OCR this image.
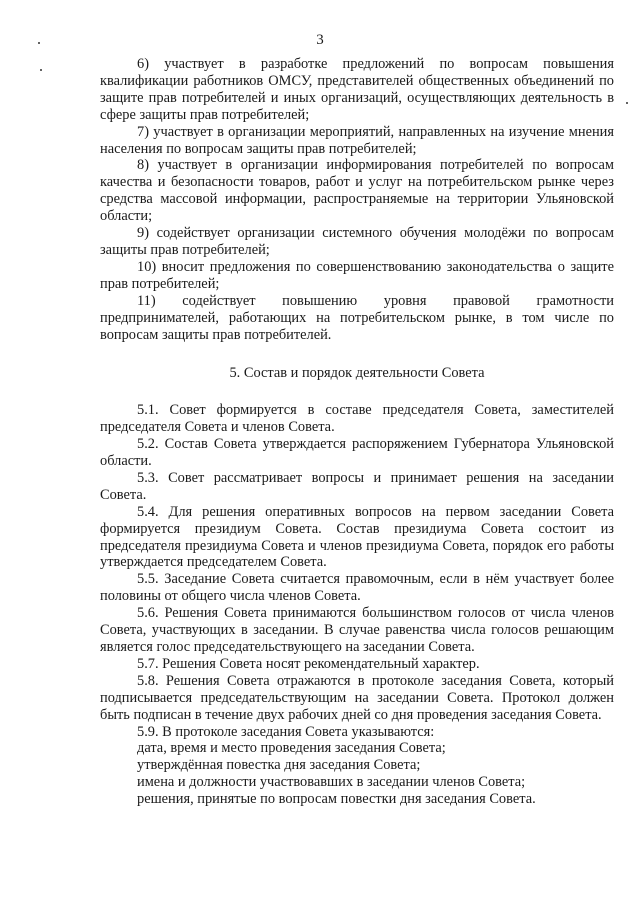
3

6) участвует в разработке предложений по вопросам повышения квалификации работников ОМСУ, представителей общественных объединений по защите прав потребителей и иных организаций, осуществляющих деятельность в сфере защиты прав потребителей;

7) участвует в организации мероприятий, направленных на изучение мнения населения по вопросам защиты прав потребителей;

8) участвует в организации информирования потребителей по вопросам качества и безопасности товаров, работ и услуг на потребительском рынке через средства массовой информации, распространяемые на территории Ульяновской области;

9) содействует организации системного обучения молодёжи по вопросам защиты прав потребителей;

10) вносит предложения по совершенствованию законодательства о защите прав потребителей;

11) содействует повышению уровня правовой грамотности предпринимателей, работающих на потребительском рынке, в том числе по вопросам защиты прав потребителей.

5. Состав и порядок деятельности Совета

5.1. Совет формируется в составе председателя Совета, заместителей председателя Совета и членов Совета.

5.2. Состав Совета утверждается распоряжением Губернатора Ульяновской области.

5.3. Совет рассматривает вопросы и принимает решения на заседании Совета.

5.4. Для решения оперативных вопросов на первом заседании Совета формируется президиум Совета. Состав президиума Совета состоит из председателя президиума Совета и членов президиума Совета, порядок его работы утверждается председателем Совета.

5.5. Заседание Совета считается правомочным, если в нём участвует более половины от общего числа членов Совета.

5.6. Решения Совета принимаются большинством голосов от числа членов Совета, участвующих в заседании. В случае равенства числа голосов решающим является голос председательствующего на заседании Совета.

5.7. Решения Совета носят рекомендательный характер.

5.8. Решения Совета отражаются в протоколе заседания Совета, который подписывается председательствующим на заседании Совета. Протокол должен быть подписан в течение двух рабочих дней со дня проведения заседания Совета.

5.9. В протоколе заседания Совета указываются:

дата, время и место проведения заседания Совета;

утверждённая повестка дня заседания Совета;

имена и должности участвовавших в заседании членов Совета;

решения, принятые по вопросам повестки дня заседания Совета.
